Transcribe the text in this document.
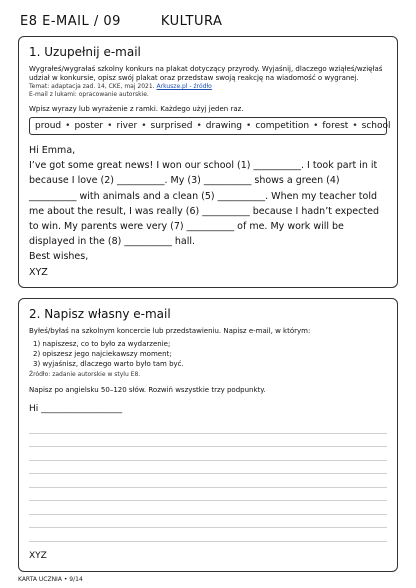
E8 E-MAIL / 09	KULTURA
1. Uzupełnij e-mail
Wygrałeś/wygrałaś szkolny konkurs na plakat dotyczący przyrody. Wyjaśnij, dlaczego wziąłeś/wzięłaś udział w konkursie, opisz swój plakat oraz przedstaw swoją reakcję na wiadomość o wygranej.
Temat: adaptacja zad. 14, CKE, maj 2021. Arkusze.pl - źródło
E-mail z lukami: opracowanie autorskie.
Wpisz wyrazy lub wyrażenie z ramki. Każdego użyj jeden raz.
proud • poster • river • surprised • drawing • competition • forest • school
Hi Emma,
I’ve got some great news! I won our school (1) __________. I took part in it because I love (2) __________. My (3) __________ shows a green (4) __________ with animals and a clean (5) __________. When my teacher told me about the result, I was really (6) __________ because I hadn’t expected to win. My parents were very (7) __________ of me. My work will be displayed in the (8) __________ hall.
Best wishes,
XYZ
2. Napisz własny e-mail
Byłeś/byłaś na szkolnym koncercie lub przedstawieniu. Napisz e-mail, w którym:
1) napiszesz, co to było za wydarzenie;
2) opiszesz jego najciekawszy moment;
3) wyjaśnisz, dlaczego warto było tam być.
Źródło: zadanie autorskie w stylu E8.
Napisz po angielsku 50–120 słów. Rozwiń wszystkie trzy podpunkty.
Hi __________________
XYZ
KARTA UCZNIA • 9/14
